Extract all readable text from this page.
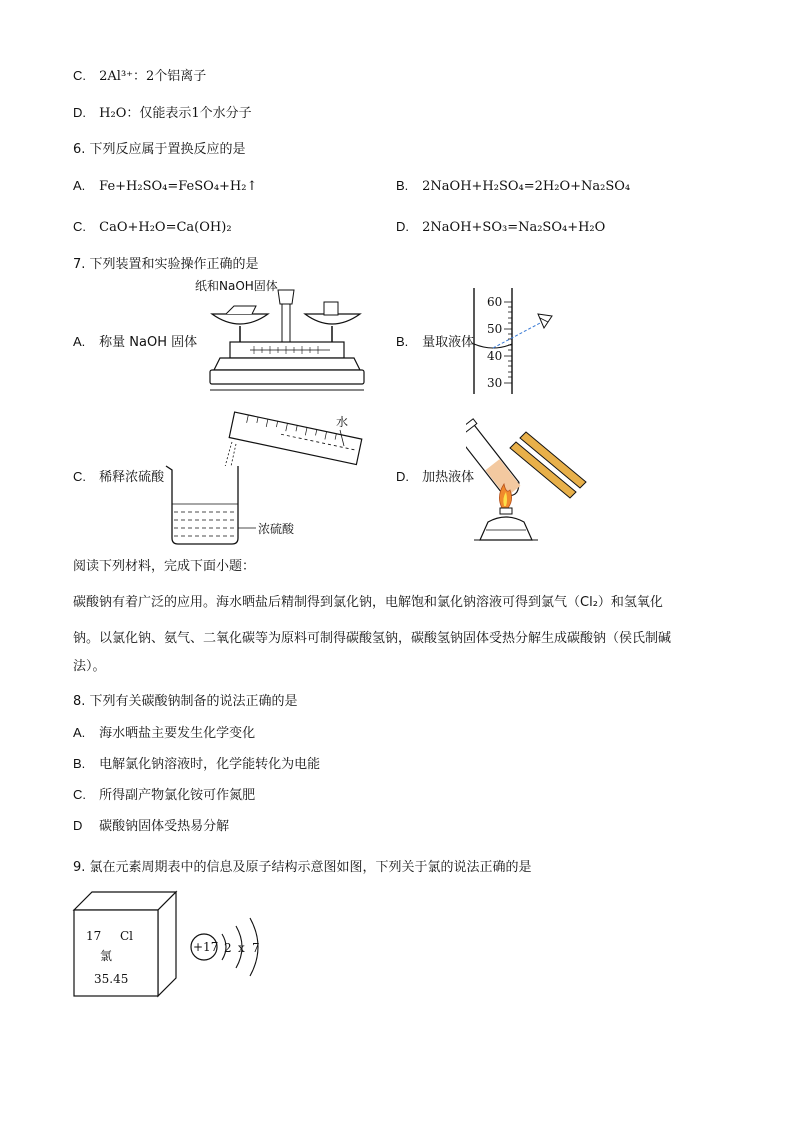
C. 2Al³⁺：2个铝离子
D. H₂O：仅能表示1个水分子
6. 下列反应属于置换反应的是
A. Fe+H₂SO₄=FeSO₄+H₂↑	B. 2NaOH+H₂SO₄=2H₂O+Na₂SO₄
C. CaO+H₂O=Ca(OH)₂	D. 2NaOH+SO₃=Na₂SO₄+H₂O
7. 下列装置和实验操作正确的是
A. 称量 NaOH 固体
纸和NaOH固体
B. 量取液体
60
50
40
30
C. 稀释浓硫酸
水
浓硫酸
D. 加热液体
阅读下列材料，完成下面小题：
碳酸钠有着广泛的应用。海水晒盐后精制得到氯化钠，电解饱和氯化钠溶液可得到氯气（Cl₂）和氢氧化
钠。以氯化钠、氨气、二氧化碳等为原料可制得碳酸氢钠，碳酸氢钠固体受热分解生成碳酸钠（侯氏制碱
法）。
8. 下列有关碳酸钠制备的说法正确的是
A. 海水晒盐主要发生化学变化
B. 电解氯化钠溶液时，化学能转化为电能
C. 所得副产物氯化铵可作氮肥
D 碳酸钠固体受热易分解
9. 氯在元素周期表中的信息及原子结构示意图如图，下列关于氯的说法正确的是
17 Cl
氯
35.45
+17 2 x 7
